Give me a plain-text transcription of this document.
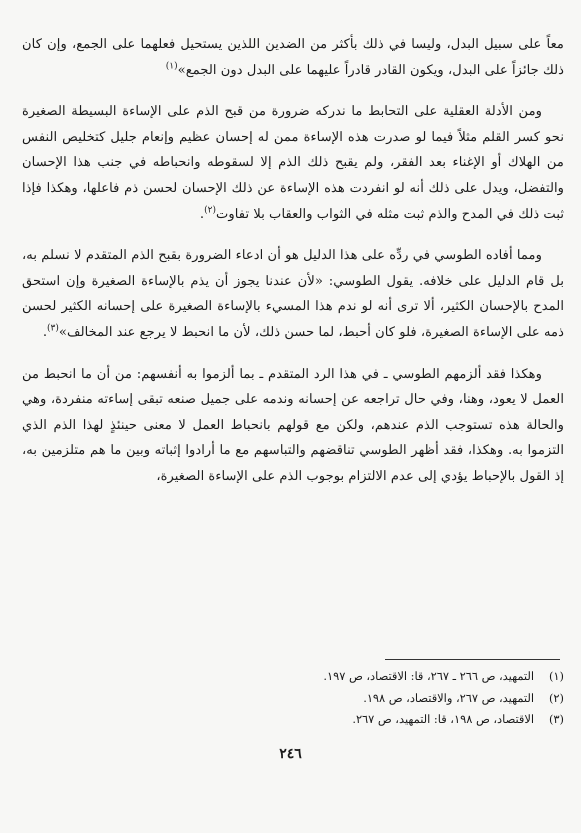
معاً على سبيل البدل، وليسا في ذلك بأكثر من الضدين اللذين يستحيل فعلهما على الجمع، وإن كان ذلك جائزاً على البدل، ويكون القادر قادراً عليهما على البدل دون الجمع»$^{(١)}$

ومن الأدلة العقلية على التحابط ما ندركه ضرورة من قبح الذم على الإساءة البسيطة الصغيرة نحو كسر القلم مثلاً فيما لو صدرت هذه الإساءة ممن له إحسان عظيم وإنعام جليل كتخليص النفس من الهلاك أو الإغناء بعد الفقر، ولم يقبح ذلك الذم إلا لسقوطه وانحباطه في جنب هذا الإحسان والتفضل، ويدل على ذلك أنه لو انفردت هذه الإساءة عن ذلك الإحسان لحسن ذم فاعلها، وهكذا فإذا ثبت ذلك في المدح والذم ثبت مثله في الثواب والعقاب بلا تفاوت$^{(٢)}$.

ومما أفاده الطوسي في ردِّه على هذا الدليل هو أن ادعاء الضرورة بقبح الذم المتقدم لا نسلم به، بل قام الدليل على خلافه. يقول الطوسي: «لأن عندنا يجوز أن يذم بالإساءة الصغيرة وإن استحق المدح بالإحسان الكثير، ألا ترى أنه لو ندم هذا المسيء بالإساءة الصغيرة على إحسانه الكثير لحسن ذمه على الإساءة الصغيرة، فلو كان أحبط، لما حسن ذلك، لأن ما انحبط لا يرجع عند المخالف»$^{(٣)}$.

وهكذا فقد ألزمهم الطوسي ـ في هذا الرد المتقدم ـ بما ألزموا به أنفسهم: من أن ما انحبط من العمل لا يعود، وهنا، وفي حال تراجعه عن إحسانه وندمه على جميل صنعه تبقى إساءته منفردة، وهي والحالة هذه تستوجب الذم عندهم، ولكن مع قولهم بانحباط العمل لا معنى حينئذٍ لهذا الذم الذي التزموا به. وهكذا، فقد أظهر الطوسي تناقضهم والتباسهم مع ما أرادوا إثباته وبين ما هم متلزمين به، إذ القول بالإحباط يؤدي إلى عدم الالتزام بوجوب الذم على الإساءة الصغيرة،

(١)
التمهيد، ص ٢٦٦ ـ ٢٦٧، قا: الاقتصاد، ص ١٩٧.
(٢)
التمهيد، ص ٢٦٧، والاقتصاد، ص ١٩٨.
(٣)
الاقتصاد، ص ١٩٨، قا: التمهيد، ص ٢٦٧.
٢٤٦
